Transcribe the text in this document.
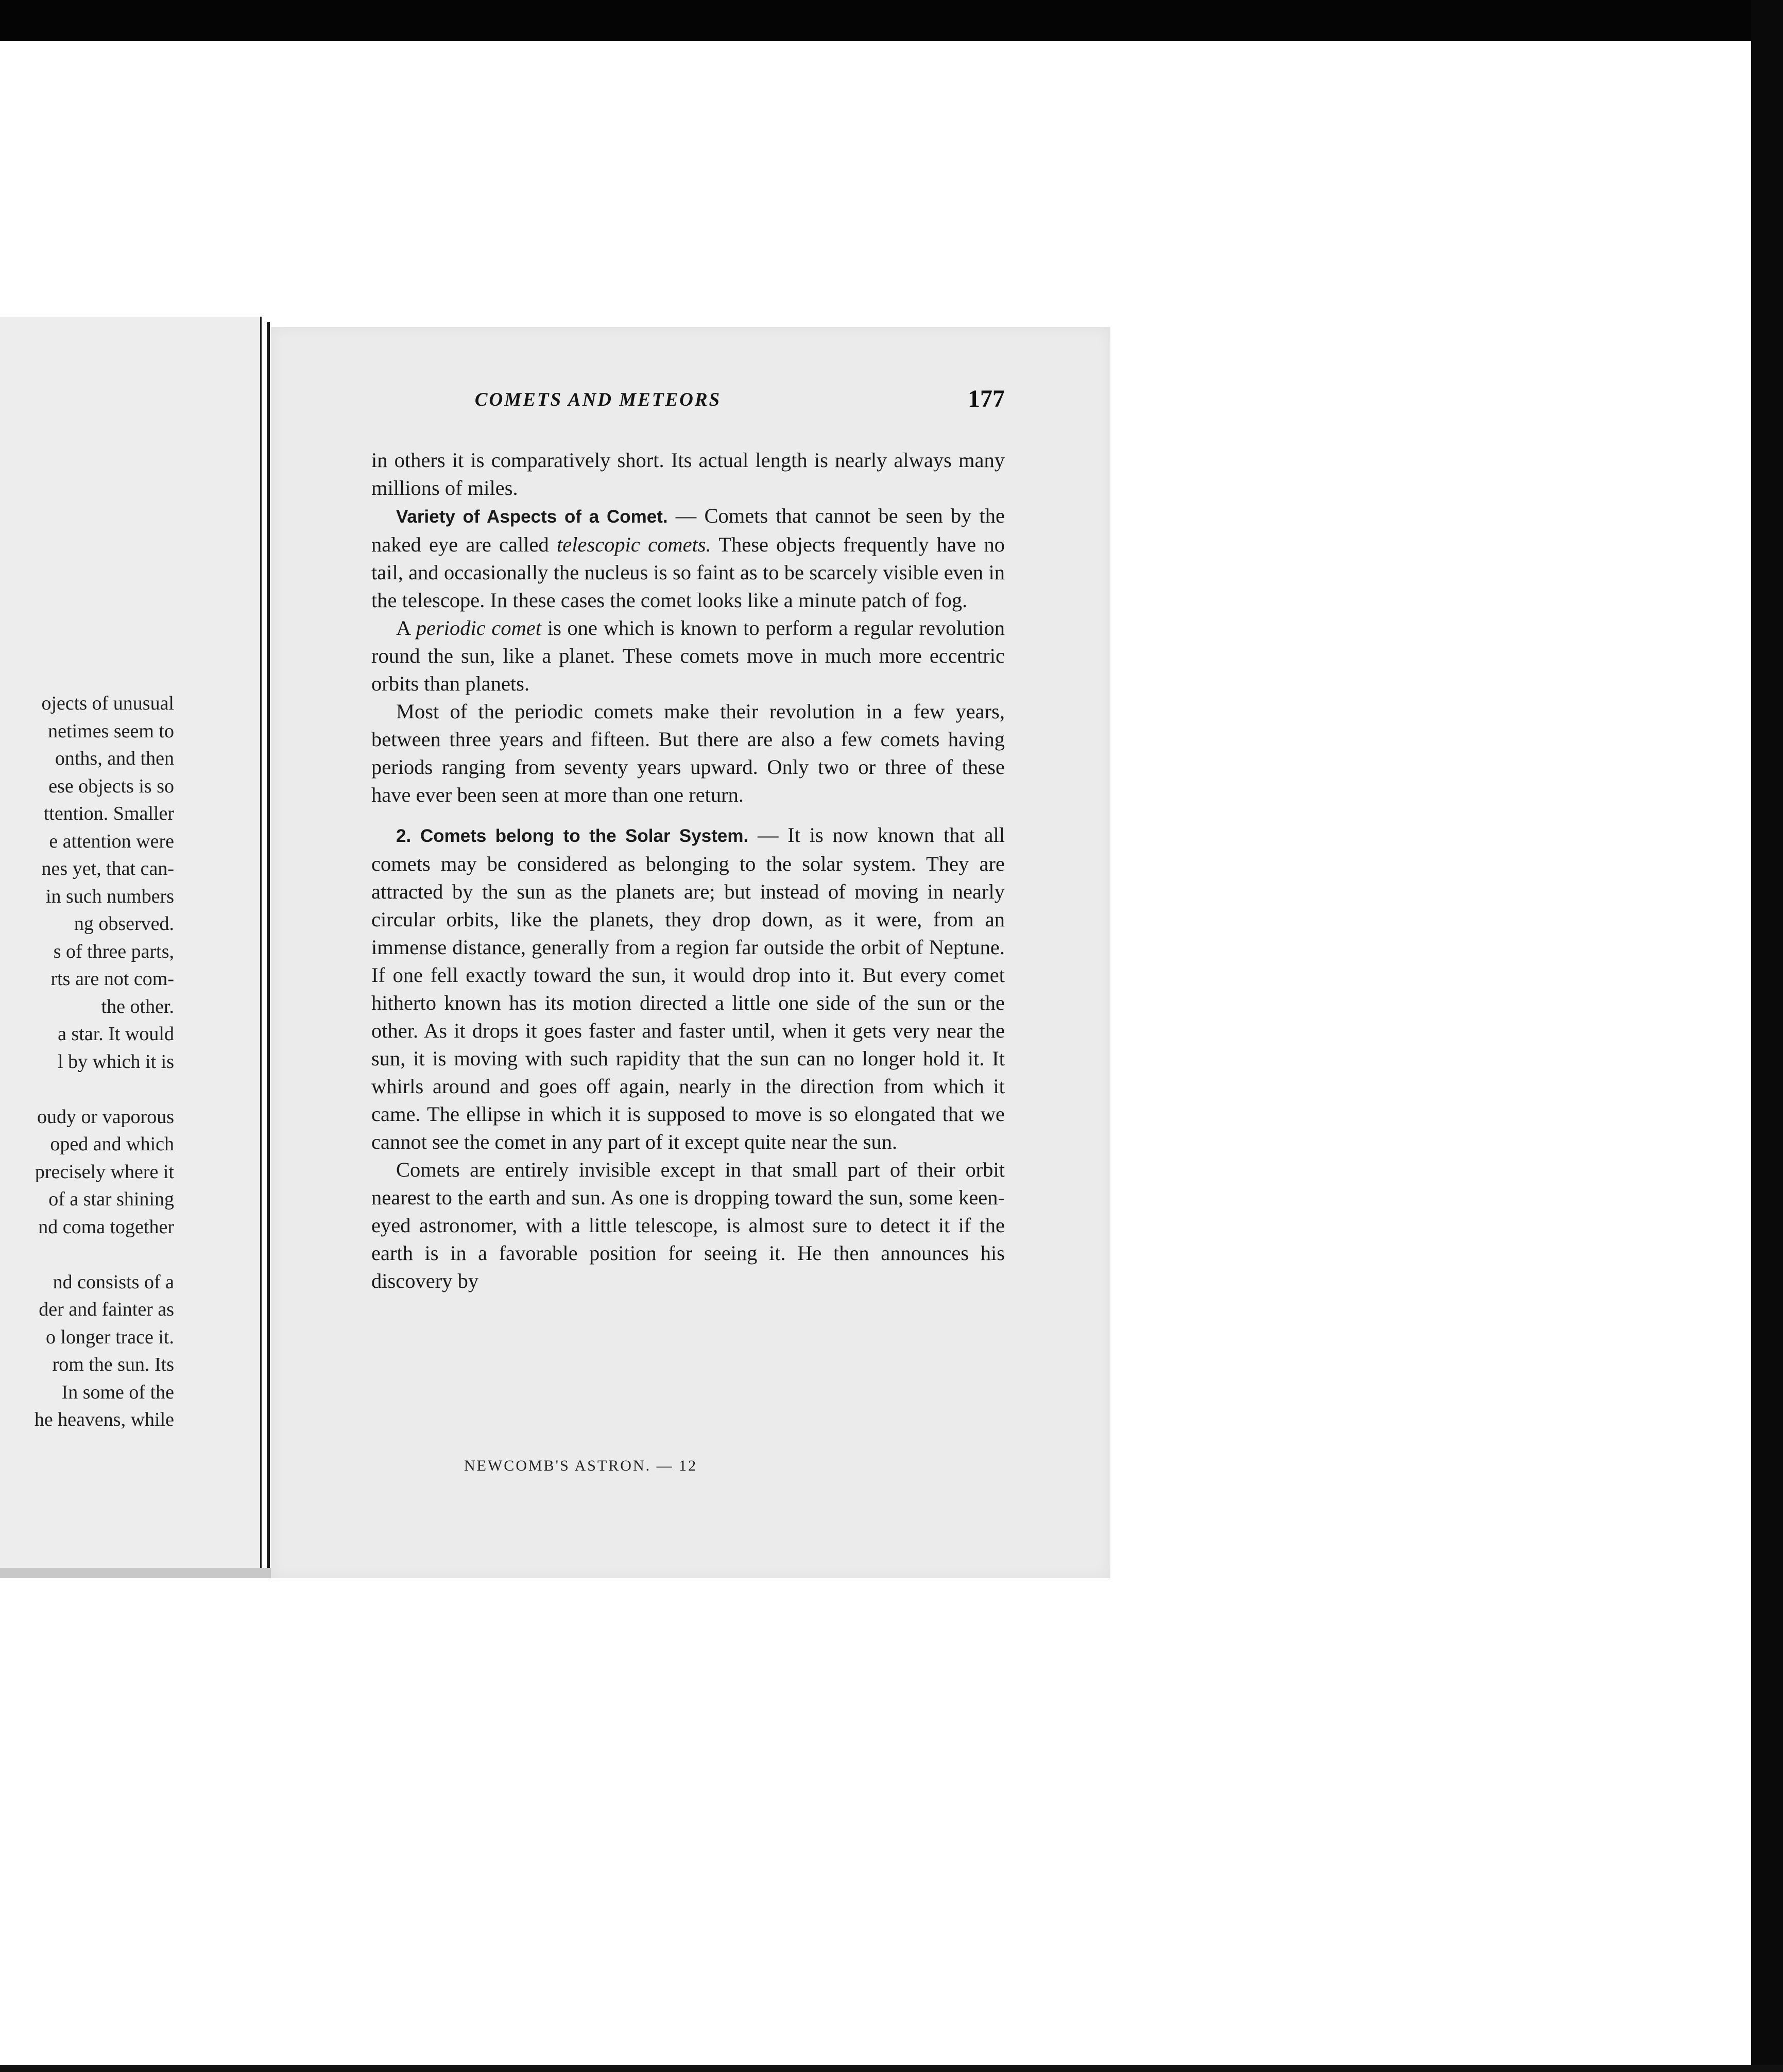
ojects of unusual
netimes seem to
onths, and then
ese objects is so
ttention. Smaller
e attention were
nes yet, that can-
in such numbers
ng observed.
s of three parts,
rts are not com-
the other.
a star. It would
l by which it is
oudy or vaporous
oped and which
precisely where it
of a star shining
nd coma together
nd consists of a
der and fainter as
o longer trace it.
rom the sun. Its
In some of the
he heavens, while
COMETS AND METEORS	177

in others it is comparatively short. Its actual length is nearly always many millions of miles.

Variety of Aspects of a Comet. — Comets that cannot be seen by the naked eye are called telescopic comets. These objects frequently have no tail, and occasionally the nucleus is so faint as to be scarcely visible even in the telescope. In these cases the comet looks like a minute patch of fog.

A periodic comet is one which is known to perform a regular revolution round the sun, like a planet. These comets move in much more eccentric orbits than planets.

Most of the periodic comets make their revolution in a few years, between three years and fifteen. But there are also a few comets having periods ranging from seventy years upward. Only two or three of these have ever been seen at more than one return.

2. Comets belong to the Solar System. — It is now known that all comets may be considered as belonging to the solar system. They are attracted by the sun as the planets are; but instead of moving in nearly circular orbits, like the planets, they drop down, as it were, from an immense distance, generally from a region far outside the orbit of Neptune. If one fell exactly toward the sun, it would drop into it. But every comet hitherto known has its motion directed a little one side of the sun or the other. As it drops it goes faster and faster until, when it gets very near the sun, it is moving with such rapidity that the sun can no longer hold it. It whirls around and goes off again, nearly in the direction from which it came. The ellipse in which it is supposed to move is so elongated that we cannot see the comet in any part of it except quite near the sun.

Comets are entirely invisible except in that small part of their orbit nearest to the earth and sun. As one is dropping toward the sun, some keen-eyed astronomer, with a little telescope, is almost sure to detect it if the earth is in a favorable position for seeing it. He then announces his discovery by

NEWCOMB'S ASTRON. — 12
